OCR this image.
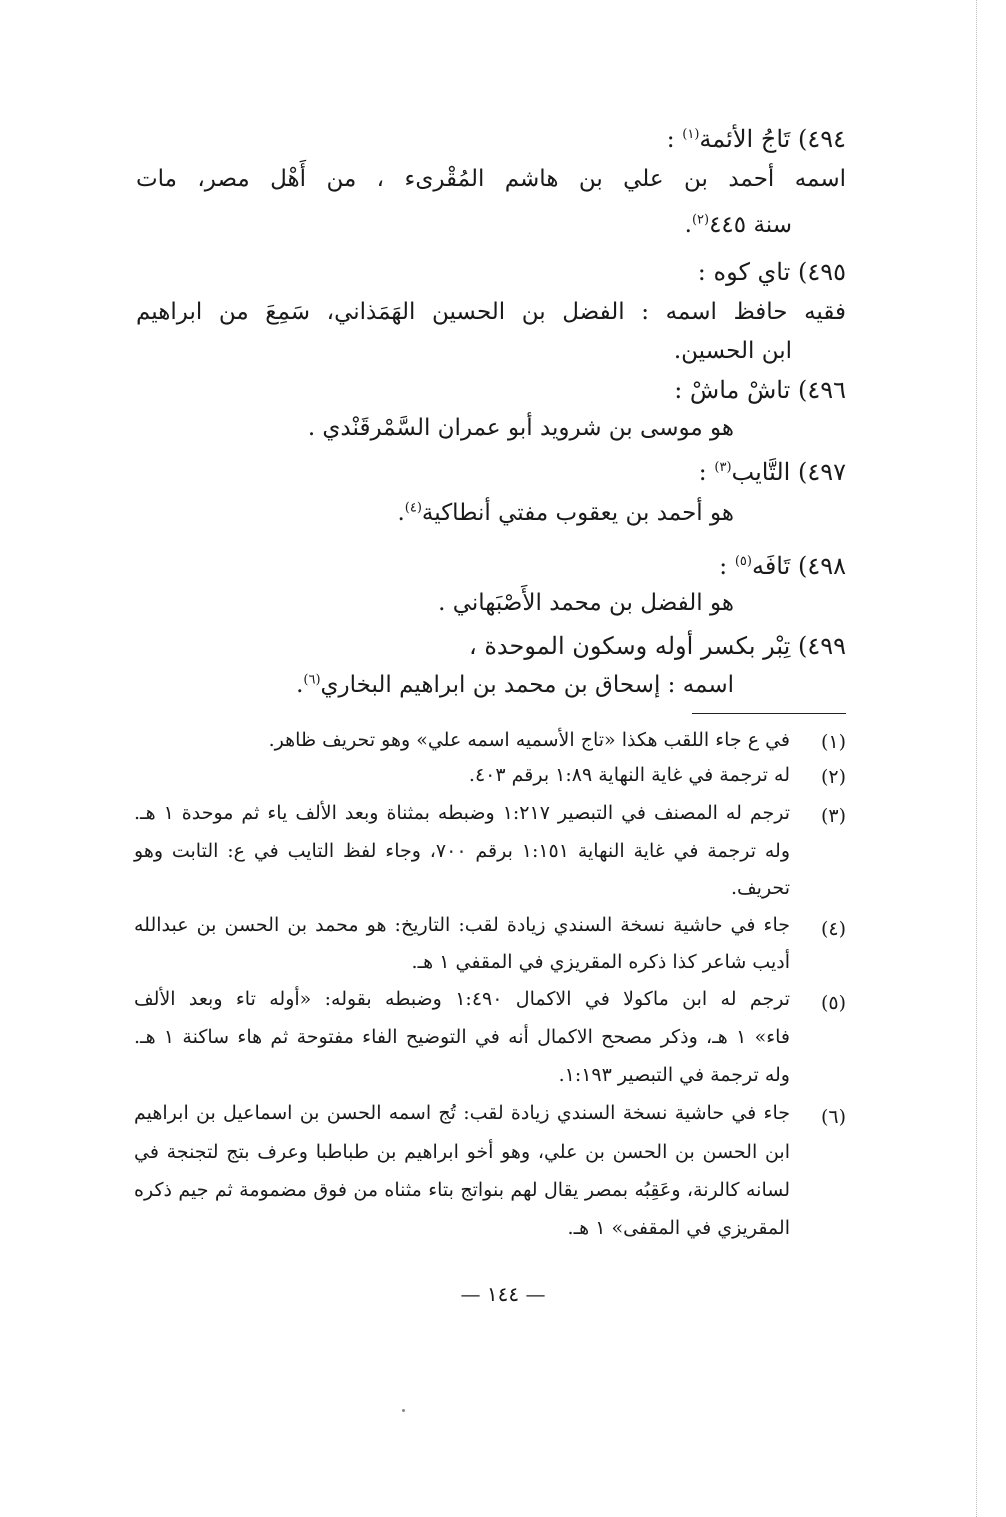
٤٩٤ ) تَاجُ الأئمة$^{(١)}$ :
اسمه أحمد بن علي بن هاشم المُقْرىء ، من أَهْل مصر، مات
سنة ٤٤٥$^{(٢)}$.
٤٩٥ ) تاي كوه :
فقيه حافظ اسمه : الفضل بن الحسين الهَمَذاني، سَمِعَ من ابراهيم
ابن الحسين.
٤٩٦ ) تاشْ ماشْ :
هو موسى بن شرويد أبو عمران السَّمْرقَنْدي .
٤٩٧ ) التَّايب$^{(٣)}$ :
هو أحمد بن يعقوب مفتي أنطاكية$^{(٤)}$.
٤٩٨ ) تَافَه$^{(٥)}$ :
هو الفضل بن محمد الأَصْبَهاني .
٤٩٩ ) تِبْر بكسر أوله وسكون الموحدة ،
اسمه : إسحاق بن محمد بن ابراهيم البخاري$^{(٦)}$.
(١)
في ع جاء اللقب هكذا «تاج الأسميه اسمه علي» وهو تحريف ظاهر.
(٢)
له ترجمة في غاية النهاية ١:٨٩ برقم ٤٠٣.
(٣)
ترجم له المصنف في التبصير ١:٢١٧ وضبطه بمثناة وبعد الألف ياء ثم موحدة ١ هـ.
وله ترجمة في غاية النهاية ١:١٥١ برقم ٧٠٠، وجاء لفظ التايب في ع: التابت وهو
تحريف.
(٤)
جاء في حاشية نسخة السندي زيادة لقب: التاريخ: هو محمد بن الحسن بن عبدالله
أديب شاعر كذا ذكره المقريزي في المقفي ١ هـ.
(٥)
ترجم له ابن ماكولا في الاكمال ١:٤٩٠ وضبطه بقوله: «أوله تاء وبعد الألف
فاء» ١ هـ، وذكر مصحح الاكمال أنه في التوضيح الفاء مفتوحة ثم هاء ساكنة ١ هـ.
وله ترجمة في التبصير ١:١٩٣.
(٦)
جاء في حاشية نسخة السندي زيادة لقب: تُج اسمه الحسن بن اسماعيل بن ابراهيم
ابن الحسن بن الحسن بن علي، وهو أخو ابراهيم بن طباطبا وعرف بتج لتجنجة في
لسانه كالرنة، وعَقِبُه بمصر يقال لهم بنواتج بتاء مثناه من فوق مضمومة ثم جيم ذكره
المقريزي في المقفى» ١ هـ.
— ١٤٤ —
